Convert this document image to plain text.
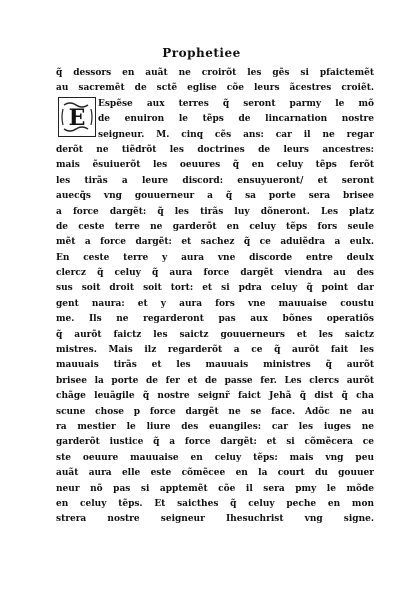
Prophetiee
E
q̃ dessors en auãt ne croirõt les gẽs si pfaictemẽt
au sacremẽt de sctẽ eglise cõe leurs ãcestres croiẽt.
Espẽse aux terres q̃ seront parmy le mõ
de enuiron le tẽps de lincarnation nostre
seigneur. M. cinq cẽs ans: car il ne regar
derõt ne tiẽdrõt les doctrines de leurs ancestres:
mais ẽsuiuerõt les oeuures q̃ en celuy tẽps ferõt
les tirãs a leure discord: ensuyueront/ et seront
auecq̃s vng gouuerneur a q̃ sa porte sera brisee
a force dargẽt: q̃ les tirãs luy dõneront. Les platz
de ceste terre ne garderõt en celuy tẽps fors seule
mẽt a force dargẽt: et sachez q̃ ce aduiẽdra a eulx.
En ceste terre y aura vne discorde entre deulx
clercz q̃ celuy q̃ aura force dargẽt viendra au des
sus soit droit soit tort: et si pdra celuy q̃ point dar
gent naura: et y aura fors vne mauuaise coustu
me. Ils ne regarderont pas aux bõnes operatiõs
q̃ aurõt faictz les saictz gouuerneurs et les saictz
mistres. Mais ilz regarderõt a ce q̃ aurõt fait les
mauuais tirãs et les mauuais ministres q̃ aurõt
brisee la porte de fer et de passe fer. Les clercs aurõt
chãge leuãgile q̃ nostre seignr̃ faict Jehã q̃ dist q̃ cha
scune chose p force dargẽt ne se face. Adõc ne au
ra mestier le liure des euangiles: car les iuges ne
garderõt iustice q̃ a force dargẽt: et si cõmẽcera ce
ste oeuure mauuaise en celuy tẽps: mais vng peu
auãt aura elle este cõmẽcee en la court du gouuer
neur nõ pas si apptemẽt cõe il sera pmy le mõde
en celuy tẽps. Et saicthes q̃ celuy peche en mon
strera nostre seigneur Ihesuchrist vng signe.
